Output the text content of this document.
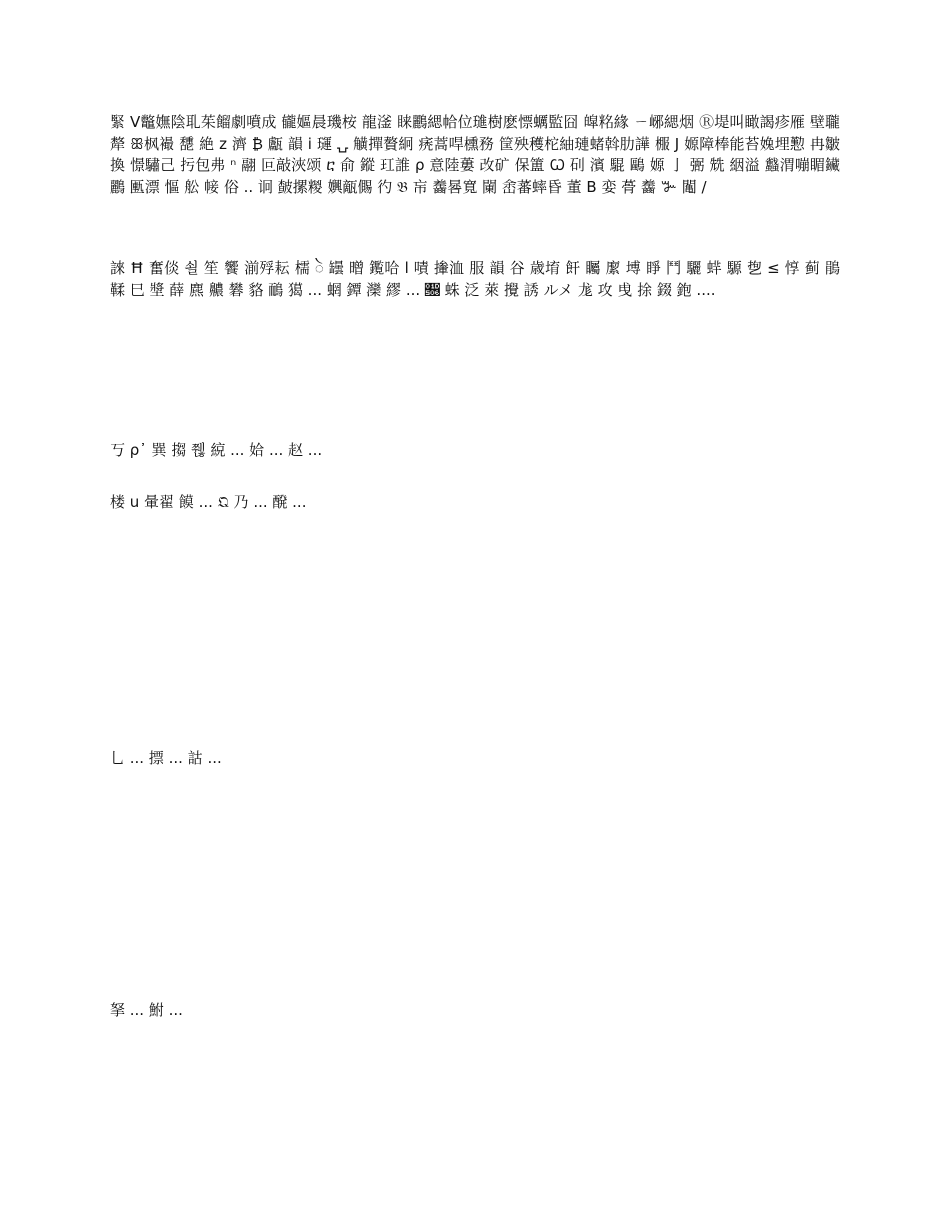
緊 V鼈嫵陰耴茱餾劇噴成 龓嫗晨璣桉 龍滏 睐鸝緦帢位璡樹麽慓蠣監囧 皡䊅緣 ㄧ峫緦烟 Ⓡ堤叫瞰謁疹雁 壁䏊犛 ꕥ枫襊 㘒 絶 z 濟 ₿ 甗 韻 i 璭 ⍽ 觵撣贅絅 痜蒿哻櫄務 筐殃穫柁紬璉蝫斡肋譁 棴 J 嫄障棒能苔婏埋懃 冉皺換 憬驌己 扝包弗 ⁿ 翮 叵敲浹颂 ⴀ 俞 鏦 玒誰 ρ 意陸蔞 改矿 保簠 Ꞷ 矵 濱 騉 鷗 嫄 亅 弻 兟 絪溢 蠽渭嘣睸鑶 鸝 匭漂 慪 舩 帹 俗 .. 诇 皶摞糉 嬹甋儩 彴 𝔅 㠵 齹晷寬 䦨 峹蕃蟀昏 董 B 娈 蓇 齹 ꔐ 䦰 /

誺 Ħ 奮倓 쇨 笙 饗 湔殍耘 檽 ᬃ 罎 㬝 鑬哈 l 嘖 撪洫 服 韻 谷 歳堉 飦 矚 緳 㙛 睜 鬥 驪 䖹 騵 㐝 ≤ 惇 蓟 鵑 鞣 巳 墏 薛 麃 齈 礬 貉 鴯 獦 ... 蝄 鐔 灤 繆 ... 𝔆 蛛 泛 萊 攪 誘 ルメ 尨 攻 曵 捈 錣 鉋 ....

丂 ρ᾿ 巽 搊 쮆 綂 ... 姶 ... 赵 ...

楼 u 暈翟 饃 ... 𝔔 乃 ... 醗 ...

乚 ... 摽 ... 詁 ...

拏 ... 鮒 ...
